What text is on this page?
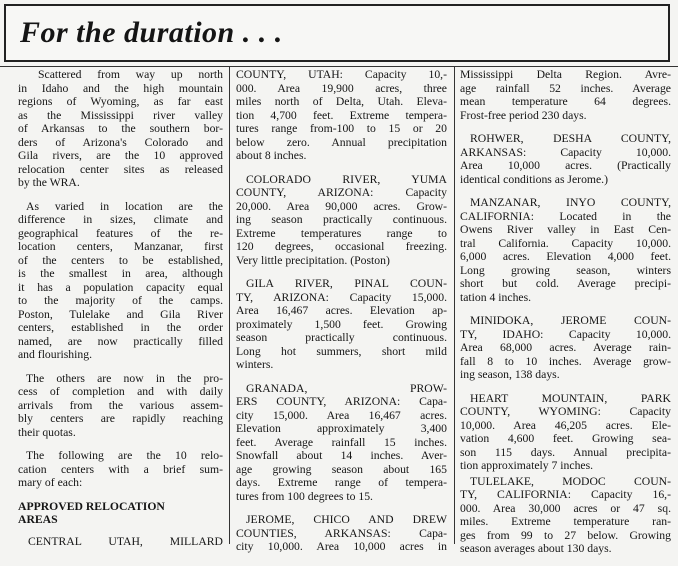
For the duration . . .

Scattered from way up north
in Idaho and the high mountain
regions of Wyoming, as far east
as the Mississippi river valley
of Arkansas to the southern bor-
ders of Arizona's Colorado and
Gila rivers, are the 10 approved
relocation center sites as released
by the WRA.

As varied in location are the
difference in sizes, climate and
geographical features of the re-
location centers, Manzanar, first
of the centers to be established,
is the smallest in area, although
it has a population capacity equal
to the majority of the camps.
Poston, Tulelake and Gila River
centers, established in the order
named, are now practically filled
and flourishing.

The others are now in the pro-
cess of completion and with daily
arrivals from the various assem-
bly centers are rapidly reaching
their quotas.

The following are the 10 relo-
cation centers with a brief sum-
mary of each:

APPROVED RELOCATION
AREAS
CENTRAL UTAH, MILLARD
COUNTY, UTAH: Capacity 10,-
000. Area 19,900 acres, three
miles north of Delta, Utah. Eleva-
tion 4,700 feet. Extreme tempera-
tures range from-100 to 15 or 20
below zero. Annual precipitation
about 8 inches.
COLORADO RIVER, YUMA
COUNTY, ARIZONA: Capacity
20,000. Area 90,000 acres. Grow-
ing season practically continuous.
Extreme temperatures range to
120 degrees, occasional freezing.
Very little precipitation. (Poston)
GILA RIVER, PINAL COUN-
TY, ARIZONA: Capacity 15,000.
Area 16,467 acres. Elevation ap-
proximately 1,500 feet. Growing
season practically continuous.
Long hot summers, short mild
winters.
GRANADA, PROW-
ERS COUNTY, ARIZONA: Capa-
city 15,000. Area 16,467 acres.
Elevation approximately 3,400
feet. Average rainfall 15 inches.
Snowfall about 14 inches. Aver-
age growing season about 165
days. Extreme range of tempera-
tures from 100 degrees to 15.
JEROME, CHICO AND DREW
COUNTIES, ARKANSAS: Capa-
city 10,000. Area 10,000 acres in
Mississippi Delta Region. Avre-
age rainfall 52 inches. Average
mean temperature 64 degrees.
Frost-free period 230 days.
ROHWER, DESHA COUNTY,
ARKANSAS: Capacity 10,000.
Area 10,000 acres. (Practically
identical conditions as Jerome.)
MANZANAR, INYO COUNTY,
CALIFORNIA: Located in the
Owens River valley in East Cen-
tral California. Capacity 10,000.
6,000 acres. Elevation 4,000 feet.
Long growing season, winters
short but cold. Average precipi-
tation 4 inches.
MINIDOKA, JEROME COUN-
TY, IDAHO: Capacity 10,000.
Area 68,000 acres. Average rain-
fall 8 to 10 inches. Average grow-
ing season, 138 days.
HEART MOUNTAIN, PARK
COUNTY, WYOMING: Capacity
10,000. Area 46,205 acres. Ele-
vation 4,600 feet. Growing sea-
son 115 days. Annual precipita-
tion approximately 7 inches.
TULELAKE, MODOC COUN-
TY, CALIFORNIA: Capacity 16,-
000. Area 30,000 acres or 47 sq.
miles. Extreme temperature ran-
ges from 99 to 27 below. Growing
season averages about 130 days.
